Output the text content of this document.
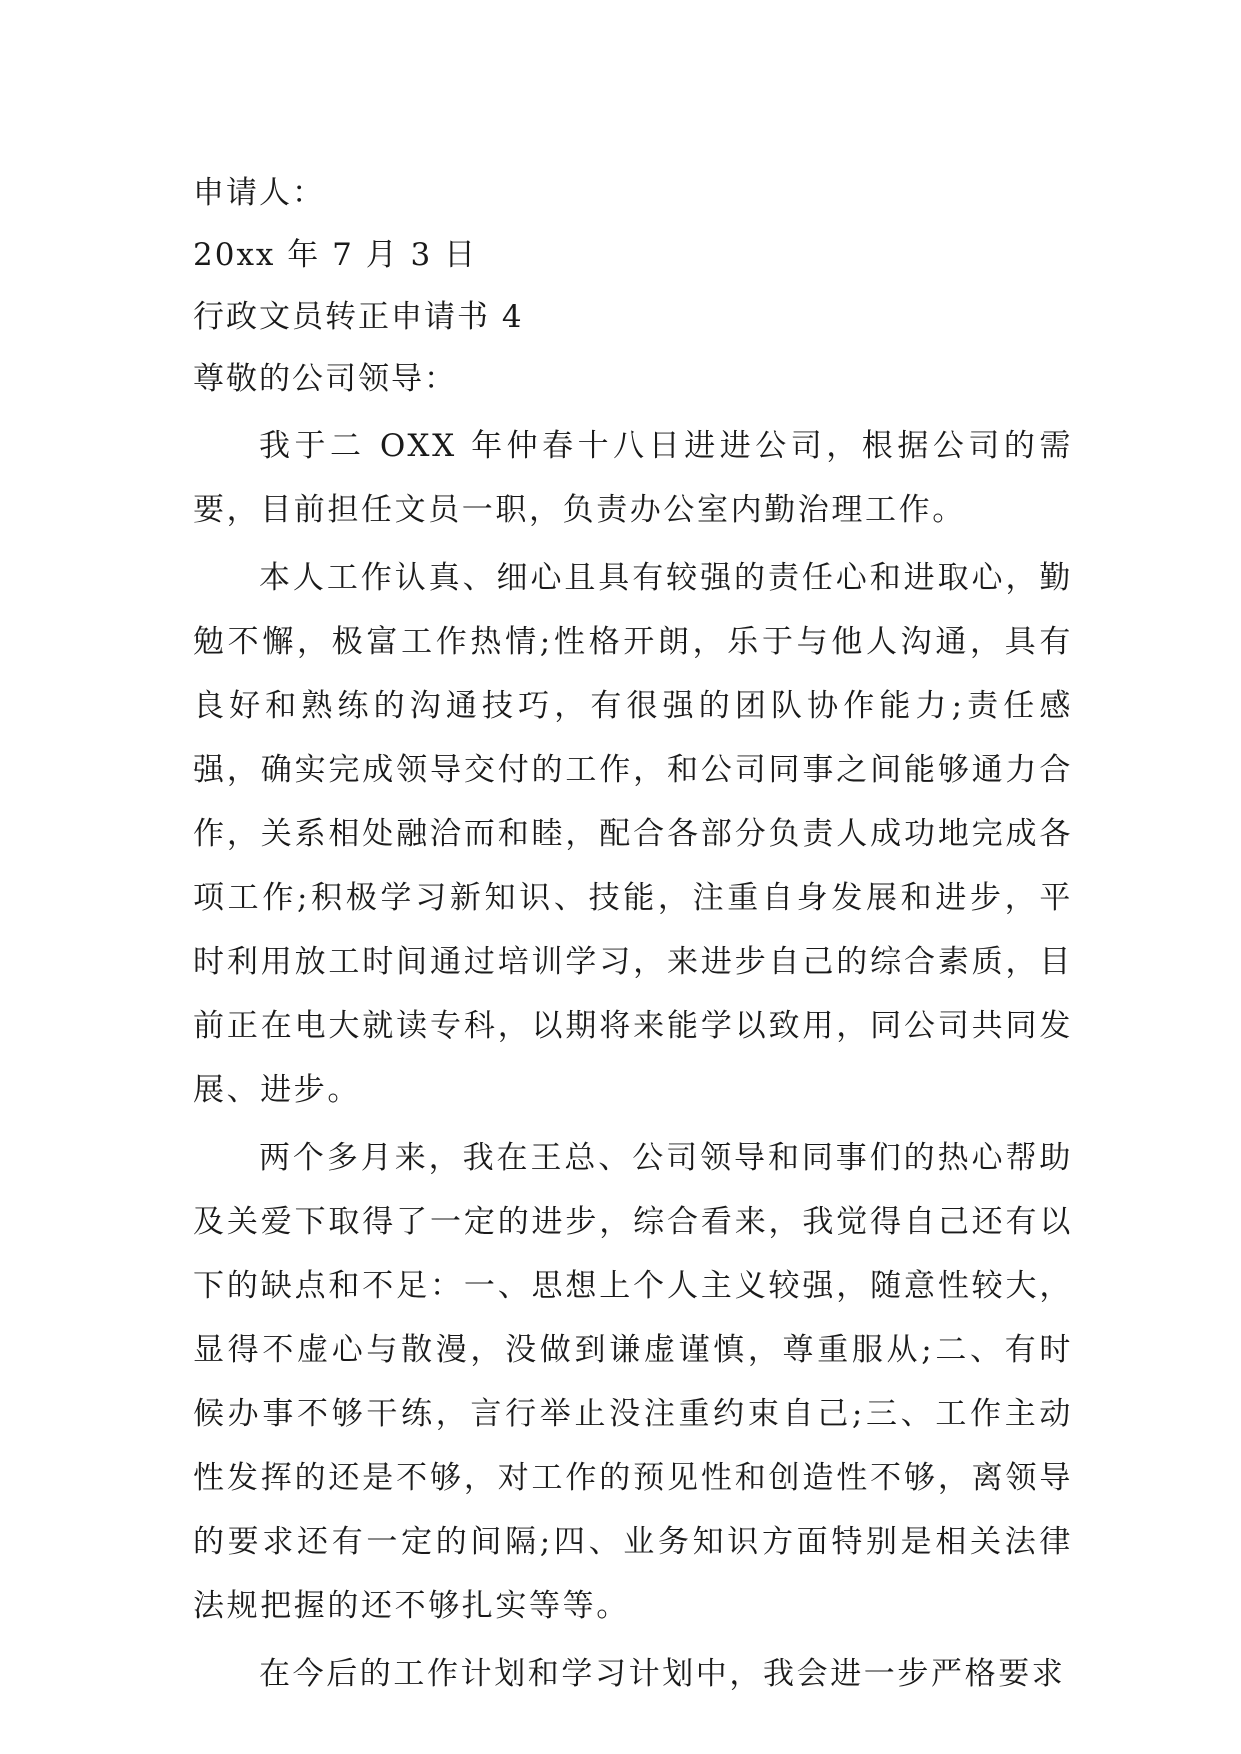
申请人：
20xx 年 7 月 3 日
行政文员转正申请书 4
尊敬的公司领导：

我于二 OXX 年仲春十八日进进公司，根据公司的需要，目前担任文员一职，负责办公室内勤治理工作。

本人工作认真、细心且具有较强的责任心和进取心，勤勉不懈，极富工作热情;性格开朗，乐于与他人沟通，具有良好和熟练的沟通技巧，有很强的团队协作能力;责任感强，确实完成领导交付的工作，和公司同事之间能够通力合作，关系相处融洽而和睦，配合各部分负责人成功地完成各项工作;积极学习新知识、技能，注重自身发展和进步，平时利用放工时间通过培训学习，来进步自己的综合素质，目前正在电大就读专科，以期将来能学以致用，同公司共同发展、进步。

两个多月来，我在王总、公司领导和同事们的热心帮助及关爱下取得了一定的进步，综合看来，我觉得自己还有以下的缺点和不足：一、思想上个人主义较强，随意性较大，显得不虚心与散漫，没做到谦虚谨慎，尊重服从;二、有时候办事不够干练，言行举止没注重约束自己;三、工作主动性发挥的还是不够，对工作的预见性和创造性不够，离领导的要求还有一定的间隔;四、业务知识方面特别是相关法律法规把握的还不够扎实等等。

在今后的工作计划和学习计划中，我会进一步严格要求
